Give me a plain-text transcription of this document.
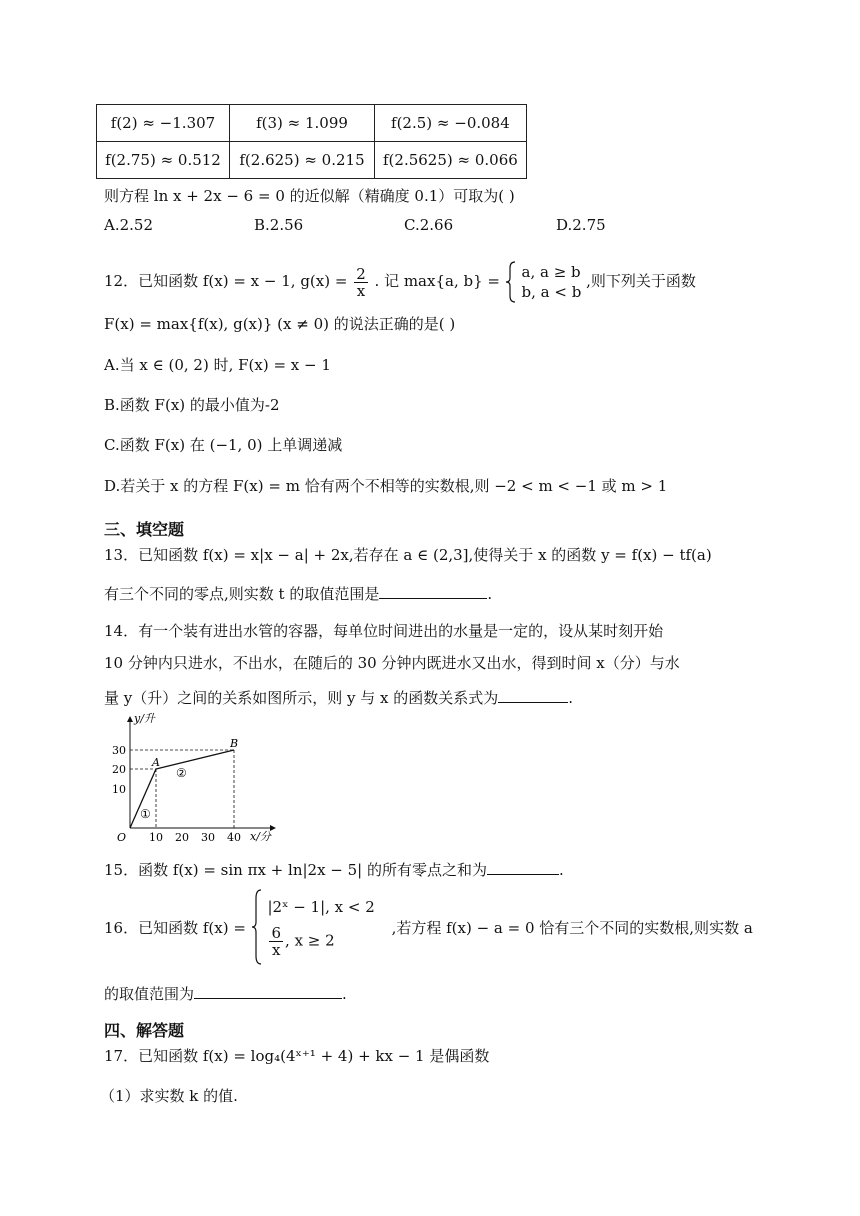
f(2) ≈ −1.307	f(3) ≈ 1.099	f(2.5) ≈ −0.084
f(2.75) ≈ 0.512	f(2.625) ≈ 0.215	f(2.5625) ≈ 0.066
则方程 ln x + 2x − 6 = 0 的近似解（精确度 0.1）可取为( )
A.2.52	B.2.56	C.2.66	D.2.75
12．已知函数 f(x) = x − 1, $g(x) = \frac{2}{x}$ . 记 max{a, b} = a, a ≥ b
b, a < b
,则下列关于函数
F(x) = max{f(x), g(x)} (x ≠ 0) 的说法正确的是( )
A.当 x ∈ (0, 2) 时, F(x) = x − 1
B.函数 F(x) 的最小值为-2
C.函数 F(x) 在 (−1, 0) 上单调递减
D.若关于 x 的方程 F(x) = m 恰有两个不相等的实数根,则 −2 < m < −1 或 m > 1
三、填空题
13．已知函数 f(x) = x|x − a| + 2x,若存在 a ∈ (2,3],使得关于 x 的函数 y = f(x) − tf(a)
有三个不同的零点,则实数 t 的取值范围是	.
14．有一个装有进出水管的容器，每单位时间进出的水量是一定的，设从某时刻开始
10 分钟内只进水，不出水，在随后的 30 分钟内既进水又出水，得到时间 x（分）与水
量 y（升）之间的关系如图所示，则 y 与 x 的函数关系式为	.
y/升
x/分
O 10 20 30 40
10
20
30
A
B
①
②
15．函数 f(x) = sin πx + ln|2x − 5| 的所有零点之和为	.
16．已知函数 f(x) =
|2ˣ − 1|, x < 2
$\frac{6}{x}$ , x ≥ 2
,若方程 f(x) − a = 0 恰有三个不同的实数根,则实数 a
的取值范围为	.
四、解答题
17．已知函数 f(x) = log₄(4ˣ⁺¹ + 4) + kx − 1 是偶函数
（1）求实数 k 的值.
